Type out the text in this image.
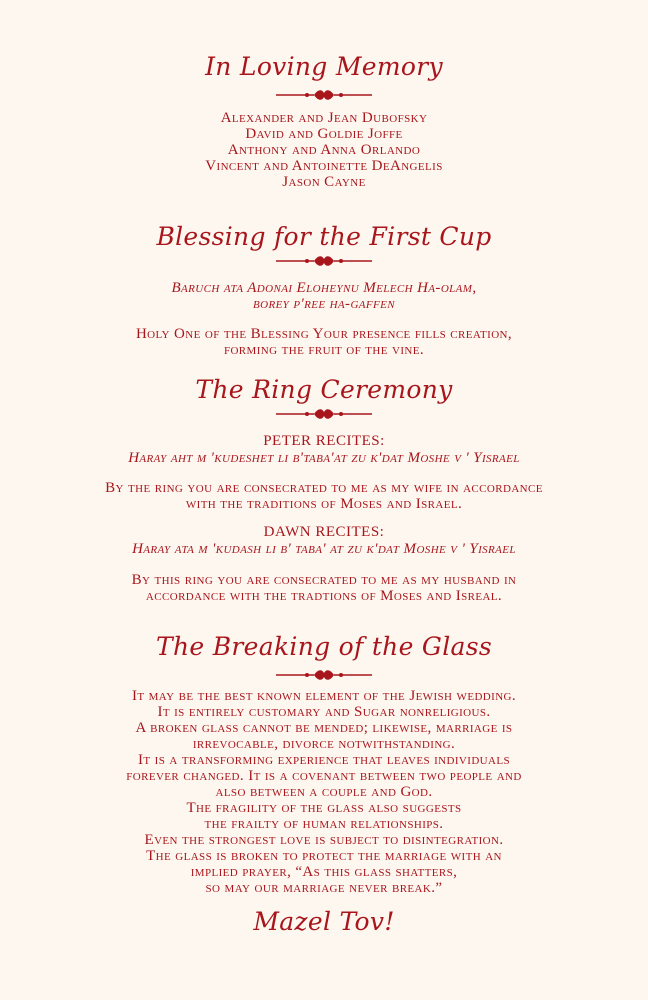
In Loving Memory
Alexander and Jean Dubofsky
David and Goldie Joffe
Anthony and Anna Orlando
Vincent and Antoinette DeAngelis
Jason Cayne
Blessing for the First Cup
Baruch ata Adonai Eloheynu Melech Ha-olam,
borey p'ree ha-gaffen
Holy One of the Blessing Your presence fills creation,
forming the fruit of the vine.
The Ring Ceremony
PETER RECITES:
Haray aht m 'kudeshet li b'taba'at zu k'dat Moshe v ' Yisrael
By the ring you are consecrated to me as my wife in accordance
with the traditions of Moses and Israel.
DAWN RECITES:
Haray ata m 'kudash li b' taba' at zu k'dat Moshe v ' Yisrael
By this ring you are consecrated to me as my husband in
accordance with the tradtions of Moses and Isreal.
The Breaking of the Glass
It may be the best known element of the Jewish wedding.
It is entirely customary and Sugar nonreligious.
A broken glass cannot be mended; likewise, marriage is
irrevocable, divorce notwithstanding.
It is a transforming experience that leaves individuals
forever changed. It is a covenant between two people and
also between a couple and God.
The fragility of the glass also suggests
the frailty of human relationships.
Even the strongest love is subject to disintegration.
The glass is broken to protect the marriage with an
implied prayer, “As this glass shatters,
so may our marriage never break.”
Mazel Tov!
